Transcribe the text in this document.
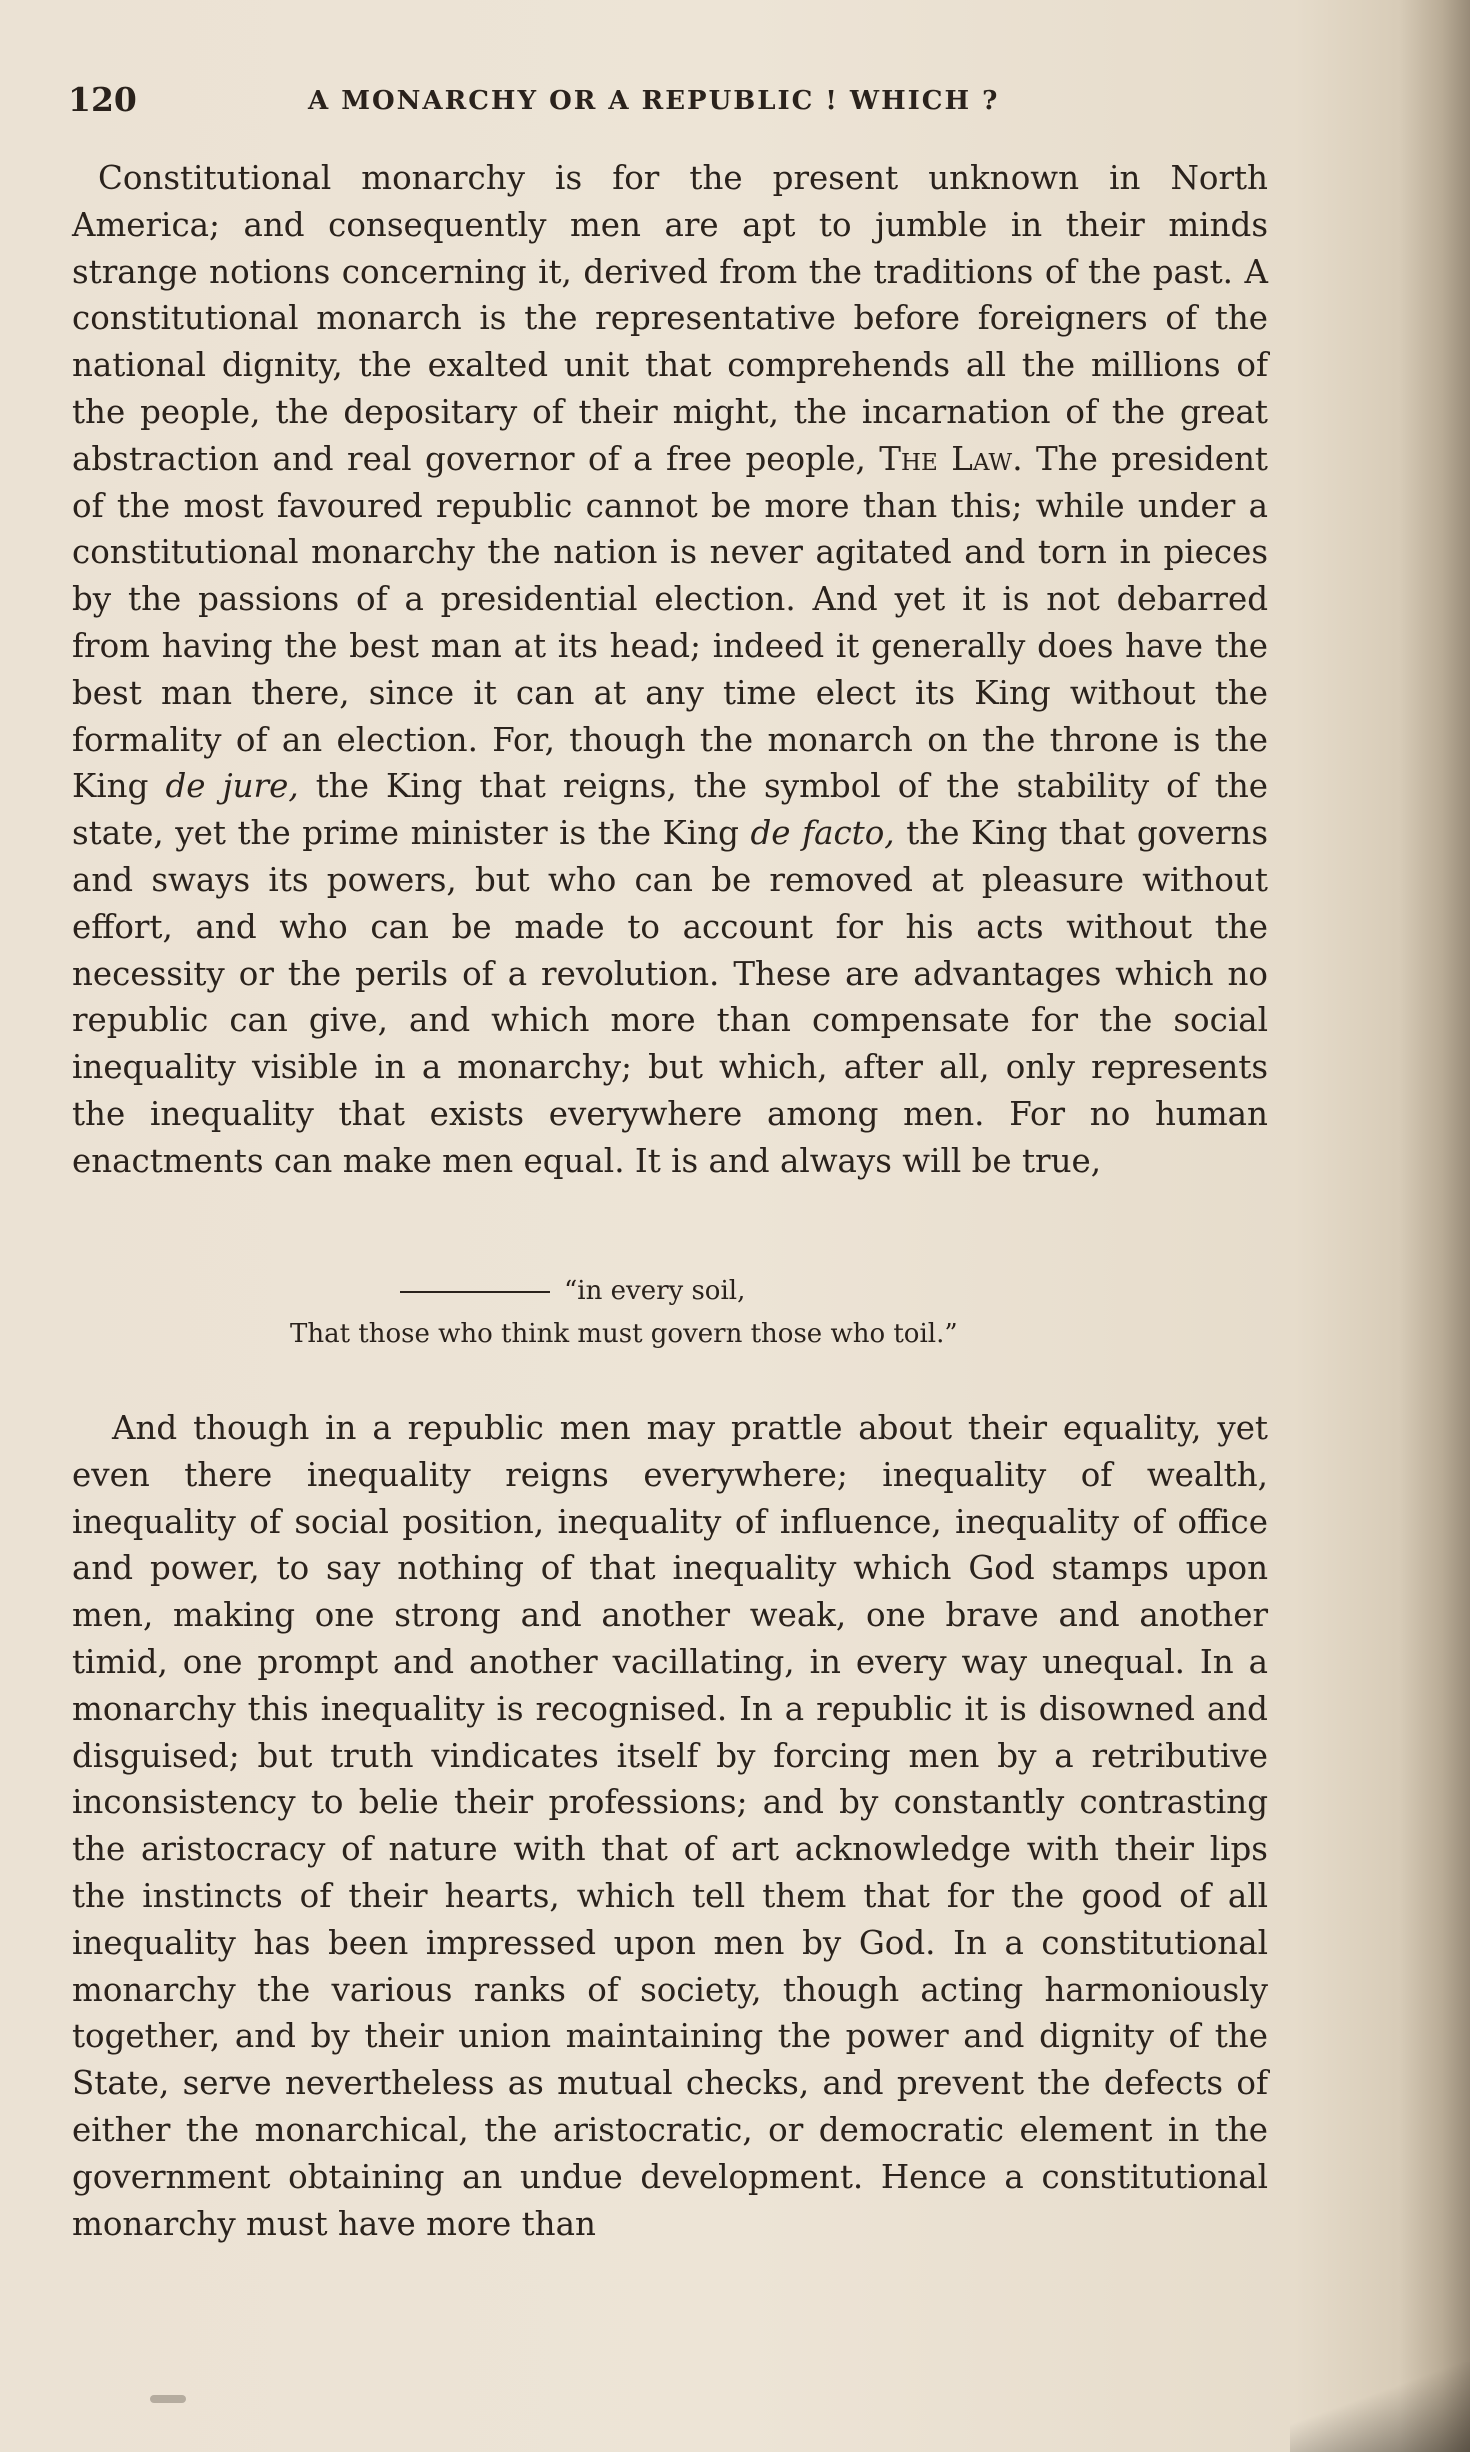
120	A MONARCHY OR A REPUBLIC ! WHICH ?
Constitutional monarchy is for the present unknown in North America; and consequently men are apt to jumble in their minds strange notions concerning it, derived from the traditions of the past. A constitutional monarch is the representative before foreigners of the national dignity, the exalted unit that comprehends all the millions of the people, the depositary of their might, the incarnation of the great abstraction and real governor of a free people, The Law. The president of the most favoured republic cannot be more than this; while under a constitutional monarchy the nation is never agitated and torn in pieces by the passions of a presidential election. And yet it is not debarred from having the best man at its head; indeed it generally does have the best man there, since it can at any time elect its King without the formality of an election. For, though the monarch on the throne is the King de jure, the King that reigns, the symbol of the stability of the state, yet the prime minister is the King de facto, the King that governs and sways its powers, but who can be removed at pleasure without effort, and who can be made to account for his acts without the necessity or the perils of a revolution. These are advantages which no republic can give, and which more than compensate for the social inequality visible in a monarchy; but which, after all, only represents the inequality that exists everywhere among men. For no human enactments can make men equal. It is and always will be true,
“in every soil,
That those who think must govern those who toil.”
And though in a republic men may prattle about their equality, yet even there inequality reigns everywhere; inequality of wealth, inequality of social position, inequality of influence, inequality of office and power, to say nothing of that inequality which God stamps upon men, making one strong and another weak, one brave and another timid, one prompt and another vacillating, in every way unequal. In a monarchy this inequality is recognised. In a republic it is disowned and disguised; but truth vindicates itself by forcing men by a retributive inconsistency to belie their professions; and by constantly contrasting the aristocracy of nature with that of art acknowledge with their lips the instincts of their hearts, which tell them that for the good of all inequality has been impressed upon men by God. In a constitutional monarchy the various ranks of society, though acting harmoniously together, and by their union maintaining the power and dignity of the State, serve nevertheless as mutual checks, and prevent the defects of either the monarchical, the aristocratic, or democratic element in the government obtaining an undue development. Hence a constitutional monarchy must have more than
